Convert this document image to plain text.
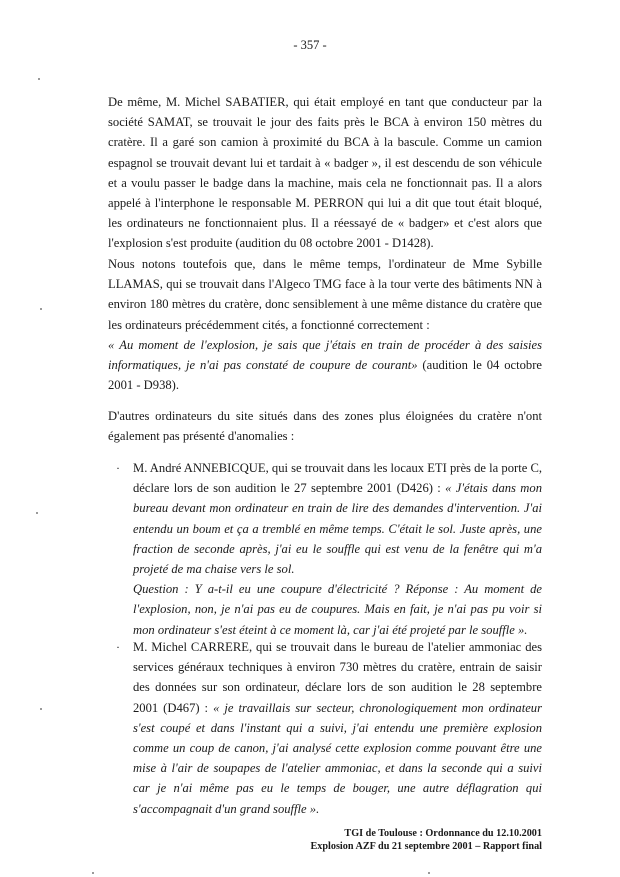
- 357 -

De même, M. Michel SABATIER, qui était employé en tant que conducteur par la société SAMAT, se trouvait le jour des faits près le BCA à environ 150 mètres du cratère. Il a garé son camion à proximité du BCA à la bascule. Comme un camion espagnol se trouvait devant lui et tardait à « badger », il est descendu de son véhicule et a voulu passer le badge dans la machine, mais cela ne fonctionnait pas. Il a alors appelé à l'interphone le responsable M. PERRON qui lui a dit que tout était bloqué, les ordinateurs ne fonctionnaient plus. Il a réessayé de « badger» et c'est alors que l'explosion s'est produite (audition du 08 octobre 2001 - D1428).

Nous notons toutefois que, dans le même temps, l'ordinateur de Mme Sybille LLAMAS, qui se trouvait dans l'Algeco TMG face à la tour verte des bâtiments NN à environ 180 mètres du cratère, donc sensiblement à une même distance du cratère que les ordinateurs précédemment cités, a fonctionné correctement :

« Au moment de l'explosion, je sais que j'étais en train de procéder à des saisies informatiques, je n'ai pas constaté de coupure de courant» (audition le 04 octobre 2001 - D938).

D'autres ordinateurs du site situés dans des zones plus éloignées du cratère n'ont également pas présenté d'anomalies :

·	M. André ANNEBICQUE, qui se trouvait dans les locaux ETI près de la porte C, déclare lors de son audition le 27 septembre 2001 (D426) : « J'étais dans mon bureau devant mon ordinateur en train de lire des demandes d'intervention. J'ai entendu un boum et ça a tremblé en même temps. C'était le sol. Juste après, une fraction de seconde après, j'ai eu le souffle qui est venu de la fenêtre qui m'a projeté de ma chaise vers le sol.

Question : Y a-t-il eu une coupure d'électricité ? Réponse : Au moment de l'explosion, non, je n'ai pas eu de coupures. Mais en fait, je n'ai pas pu voir si mon ordinateur s'est éteint à ce moment là, car j'ai été projeté par le souffle ».

·	M. Michel CARRERE, qui se trouvait dans le bureau de l'atelier ammoniac des services généraux techniques à environ 730 mètres du cratère, entrain de saisir des données sur son ordinateur, déclare lors de son audition le 28 septembre 2001 (D467) : « je travaillais sur secteur, chronologiquement mon ordinateur s'est coupé et dans l'instant qui a suivi, j'ai entendu une première explosion comme un coup de canon, j'ai analysé cette explosion comme pouvant être une mise à l'air de soupapes de l'atelier ammoniac, et dans la seconde qui a suivi car je n'ai même pas eu le temps de bouger, une autre déflagration qui s'accompagnait d'un grand souffle ».

TGI de Toulouse : Ordonnance du 12.10.2001
Explosion AZF du 21 septembre 2001 – Rapport final
